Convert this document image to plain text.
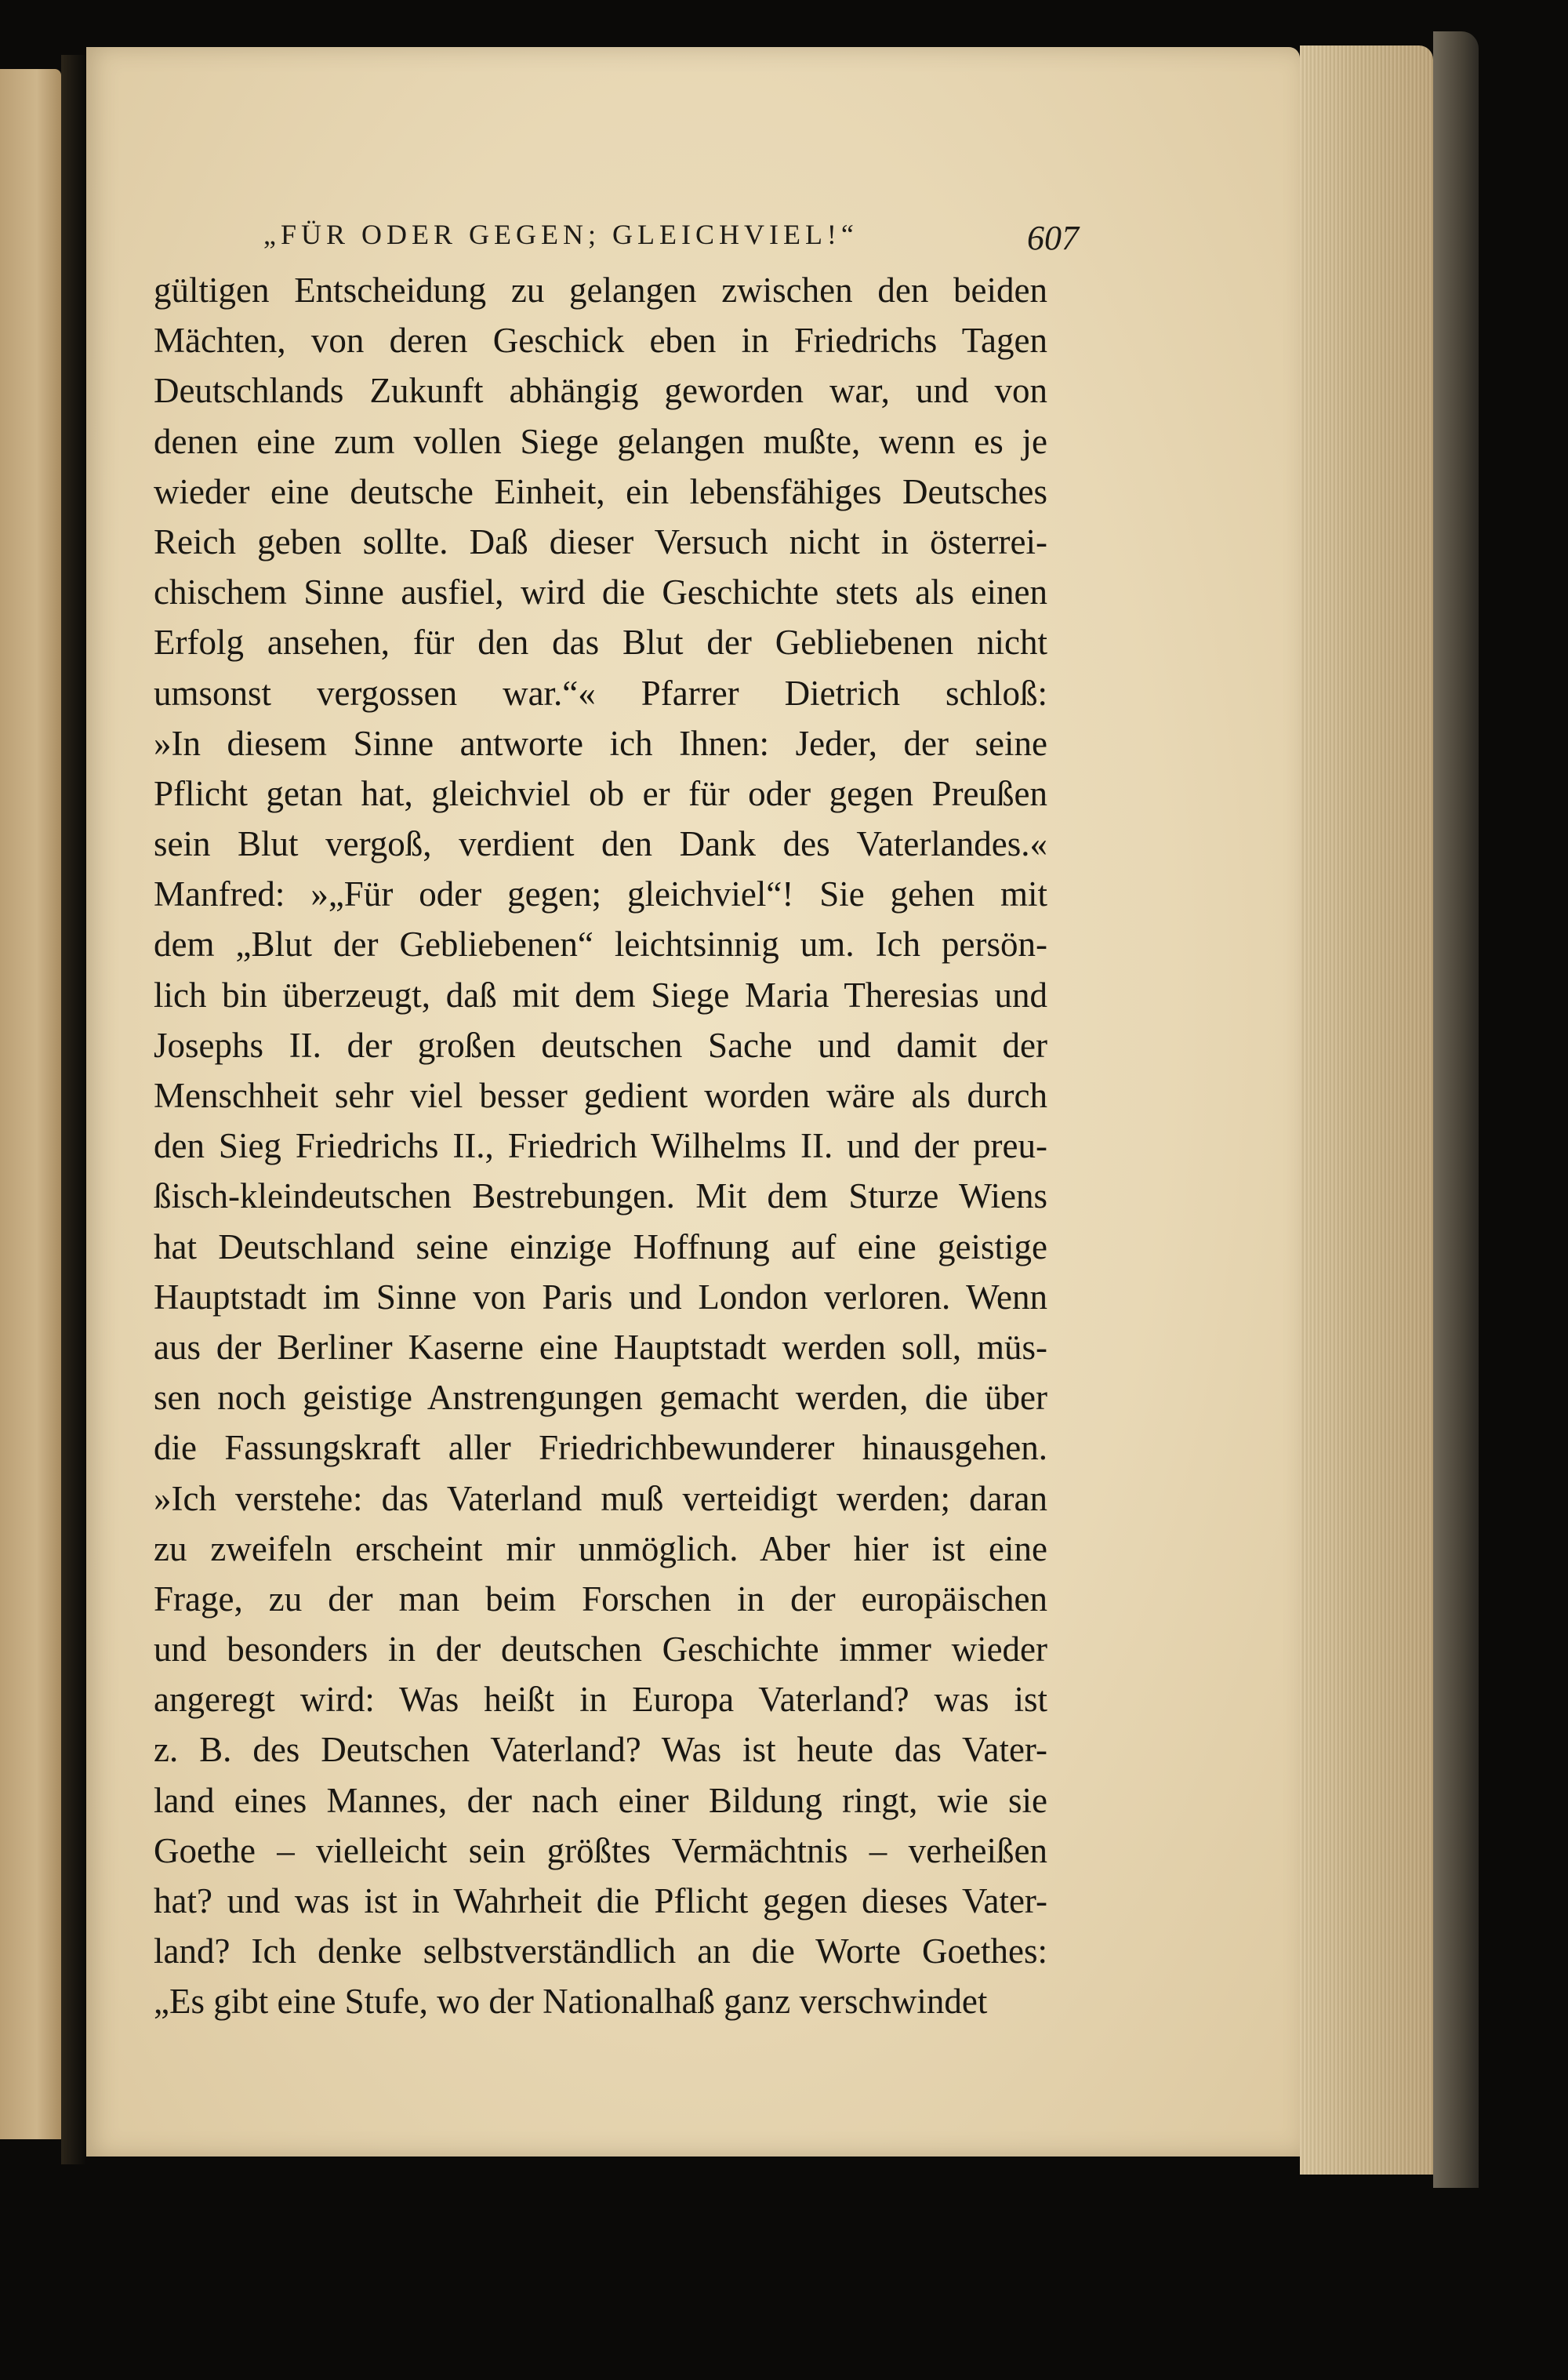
„FÜR ODER GEGEN; GLEICHVIEL!“	607
gültigen Entscheidung zu gelangen zwischen den beiden
Mächten, von deren Geschick eben in Friedrichs Tagen
Deutschlands Zukunft abhängig geworden war, und von
denen eine zum vollen Siege gelangen mußte, wenn es je
wieder eine deutsche Einheit, ein lebensfähiges Deutsches
Reich geben sollte. Daß dieser Versuch nicht in österrei-
chischem Sinne ausfiel, wird die Geschichte stets als einen
Erfolg ansehen, für den das Blut der Gebliebenen nicht
umsonst vergossen war.“« Pfarrer Dietrich schloß:
»In diesem Sinne antworte ich Ihnen: Jeder, der seine
Pflicht getan hat, gleichviel ob er für oder gegen Preußen
sein Blut vergoß, verdient den Dank des Vaterlandes.«
Manfred: »„Für oder gegen; gleichviel“! Sie gehen mit
dem „Blut der Gebliebenen“ leichtsinnig um. Ich persön-
lich bin überzeugt, daß mit dem Siege Maria Theresias und
Josephs II. der großen deutschen Sache und damit der
Menschheit sehr viel besser gedient worden wäre als durch
den Sieg Friedrichs II., Friedrich Wilhelms II. und der preu-
ßisch-kleindeutschen Bestrebungen. Mit dem Sturze Wiens
hat Deutschland seine einzige Hoffnung auf eine geistige
Hauptstadt im Sinne von Paris und London verloren. Wenn
aus der Berliner Kaserne eine Hauptstadt werden soll, müs-
sen noch geistige Anstrengungen gemacht werden, die über
die Fassungskraft aller Friedrichbewunderer hinausgehen.
»Ich verstehe: das Vaterland muß verteidigt werden; daran
zu zweifeln erscheint mir unmöglich. Aber hier ist eine
Frage, zu der man beim Forschen in der europäischen
und besonders in der deutschen Geschichte immer wieder
angeregt wird: Was heißt in Europa Vaterland? was ist
z. B. des Deutschen Vaterland? Was ist heute das Vater-
land eines Mannes, der nach einer Bildung ringt, wie sie
Goethe – vielleicht sein größtes Vermächtnis – verheißen
hat? und was ist in Wahrheit die Pflicht gegen dieses Vater-
land? Ich denke selbstverständlich an die Worte Goethes:
„Es gibt eine Stufe, wo der Nationalhaß ganz verschwindet
